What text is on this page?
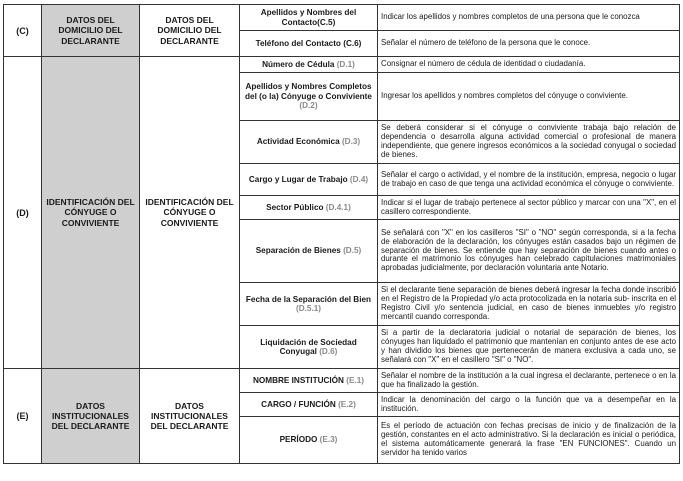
(C)	DATOS DEL DOMICILIO DEL DECLARANTE	DATOS DEL DOMICILIO DEL DECLARANTE	Apellidos y Nombres del Contacto(C.5)	Indicar los apellidos y nombres completos de una persona que le conozca
			Teléfono del Contacto (C.6)	Señalar el número de teléfono de la persona que le conoce.
(D)	IDENTIFICACIÓN DEL CÓNYUGE O CONVIVIENTE	IDENTIFICACIÓN DEL CÓNYUGE O CONVIVIENTE	Número de Cédula (D.1)	Consignar el número de cédula de identidad o ciudadanía.
			Apellidos y Nombres Completos del (o la) Cónyuge o Conviviente (D.2)	Ingresar los apellidos y nombres completos del cónyuge o conviviente.
			Actividad Económica (D.3)	Se deberá considerar si el cónyuge o conviviente trabaja bajo relación de dependencia o desarrolla alguna actividad comercial o profesional de manera independiente, que genere ingresos económicos a la sociedad conyugal o sociedad de bienes.
			Cargo y Lugar de Trabajo (D.4)	Señalar el cargo o actividad, y el nombre de la institución, empresa, negocio o lugar de trabajo en caso de que tenga una actividad económica el cónyuge o conviviente.
			Sector Público (D.4.1)	Indicar si el lugar de trabajo pertenece al sector público y marcar con una "X", en el casillero correspondiente.
			Separación de Bienes (D.5)	Se señalará con "X" en los casilleros "SI" o "NO" según corresponda, si a la fecha de elaboración de la declaración, los cónyuges están casados bajo un régimen de separación de bienes. Se entiende que hay separación de bienes cuando antes o durante el matrimonio los cónyuges han celebrado capitulaciones matrimoniales aprobadas judicialmente, por declaración voluntaria ante Notario.
			Fecha de la Separación del Bien (D.5.1)	Si el declarante tiene separación de bienes deberá ingresar la fecha donde inscribió en el Registro de la Propiedad y/o acta protocolizada en la notaria sub- inscrita en el Registro Civil y/o sentencia judicial, en caso de bienes inmuebles y/o registro mercantil cuando corresponda.
			Liquidación de Sociedad Conyugal (D.6)	Si a partir de la declaratoria judicial o notarial de separación de bienes, los cónyuges han liquidado el patrimonio que mantenían en conjunto antes de ese acto y han dividido los bienes que pertenecerán de manera exclusiva a cada uno, se señalará con "X" en el casillero "SI" o "NO".
(E)	DATOS INSTITUCIONALES DEL DECLARANTE	DATOS INSTITUCIONALES DEL DECLARANTE	NOMBRE INSTITUCIÓN (E.1)	Señalar el nombre de la institución a la cual ingresa el declarante, pertenece o en la que ha finalizado la gestión.
			CARGO / FUNCIÓN (E.2)	Indicar la denominación del cargo o la función que va a desempeñar en la institución.
			PERÍODO (E.3)	Es el período de actuación con fechas precisas de inicio y de finalización de la gestión, constantes en el acto administrativo. Si la declaración es inicial o periódica, el sistema automáticamente generará la frase "EN FUNCIONES". Cuando un servidor ha tenido varios
